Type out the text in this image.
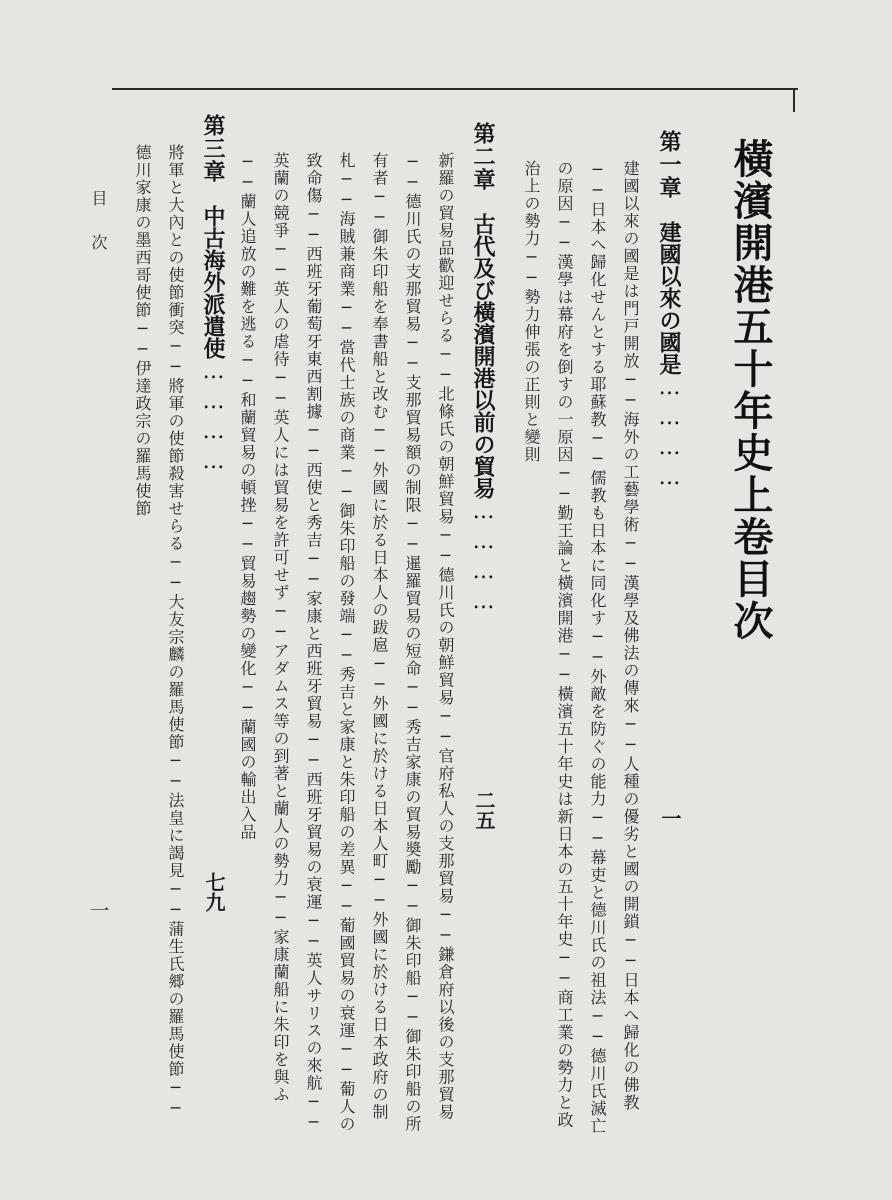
橫濱開港五十年史上卷目次
第一章　建國以來の國是…………
一
建國以來の國是は門戸開放──海外の工藝學術──漢學及佛法の傳來──人種の優劣と國の開鎖──日本へ歸化の佛教
──日本へ歸化せんとする耶蘇教──儒教も日本に同化す──外敵を防ぐの能力──幕吏と德川氏の祖法──德川氏滅亡
の原因──漢學は幕府を倒すの一原因──勤王論と橫濱開港──橫濱五十年史は新日本の五十年史──商工業の勢力と政
治上の勢力──勢力伸張の正則と變則
第二章　古代及び橫濱開港以前の貿易…………
二五
新羅の貿易品歡迎せらる──北條氏の朝鮮貿易──德川氏の朝鮮貿易──官府私人の支那貿易──鎌倉府以後の支那貿易
──德川氏の支那貿易──支那貿易額の制限──暹羅貿易の短命──秀吉家康の貿易奬勵──御朱印船──御朱印船の所
有者──御朱印船を奉書船と改む──外國に於る日本人の跋扈──外國に於ける日本人町──外國に於ける日本政府の制
札──海賊兼商業──當代士族の商業──御朱印船の發端──秀吉と家康と朱印船の差異──葡國貿易の衰運──葡人の
致命傷──西班牙葡萄牙東西割據──西使と秀吉──家康と西班牙貿易──西班牙貿易の衰運──英人サリスの來航──
英蘭の競爭──英人の虐待──英人には貿易を許可せず──アダムス等の到著と蘭人の勢力──家康蘭船に朱印を與ふ
──蘭人追放の難を逃る──和蘭貿易の頓挫──貿易趨勢の變化──蘭國の輸出入品
第三章　中古海外派遣使…………
七九
將軍と大內との使節衝突──將軍の使節殺害せらる──大友宗麟の羅馬使節──法皇に謁見──蒲生氏郷の羅馬使節──
德川家康の墨西哥使節──伊達政宗の羅馬使節
目次
一
